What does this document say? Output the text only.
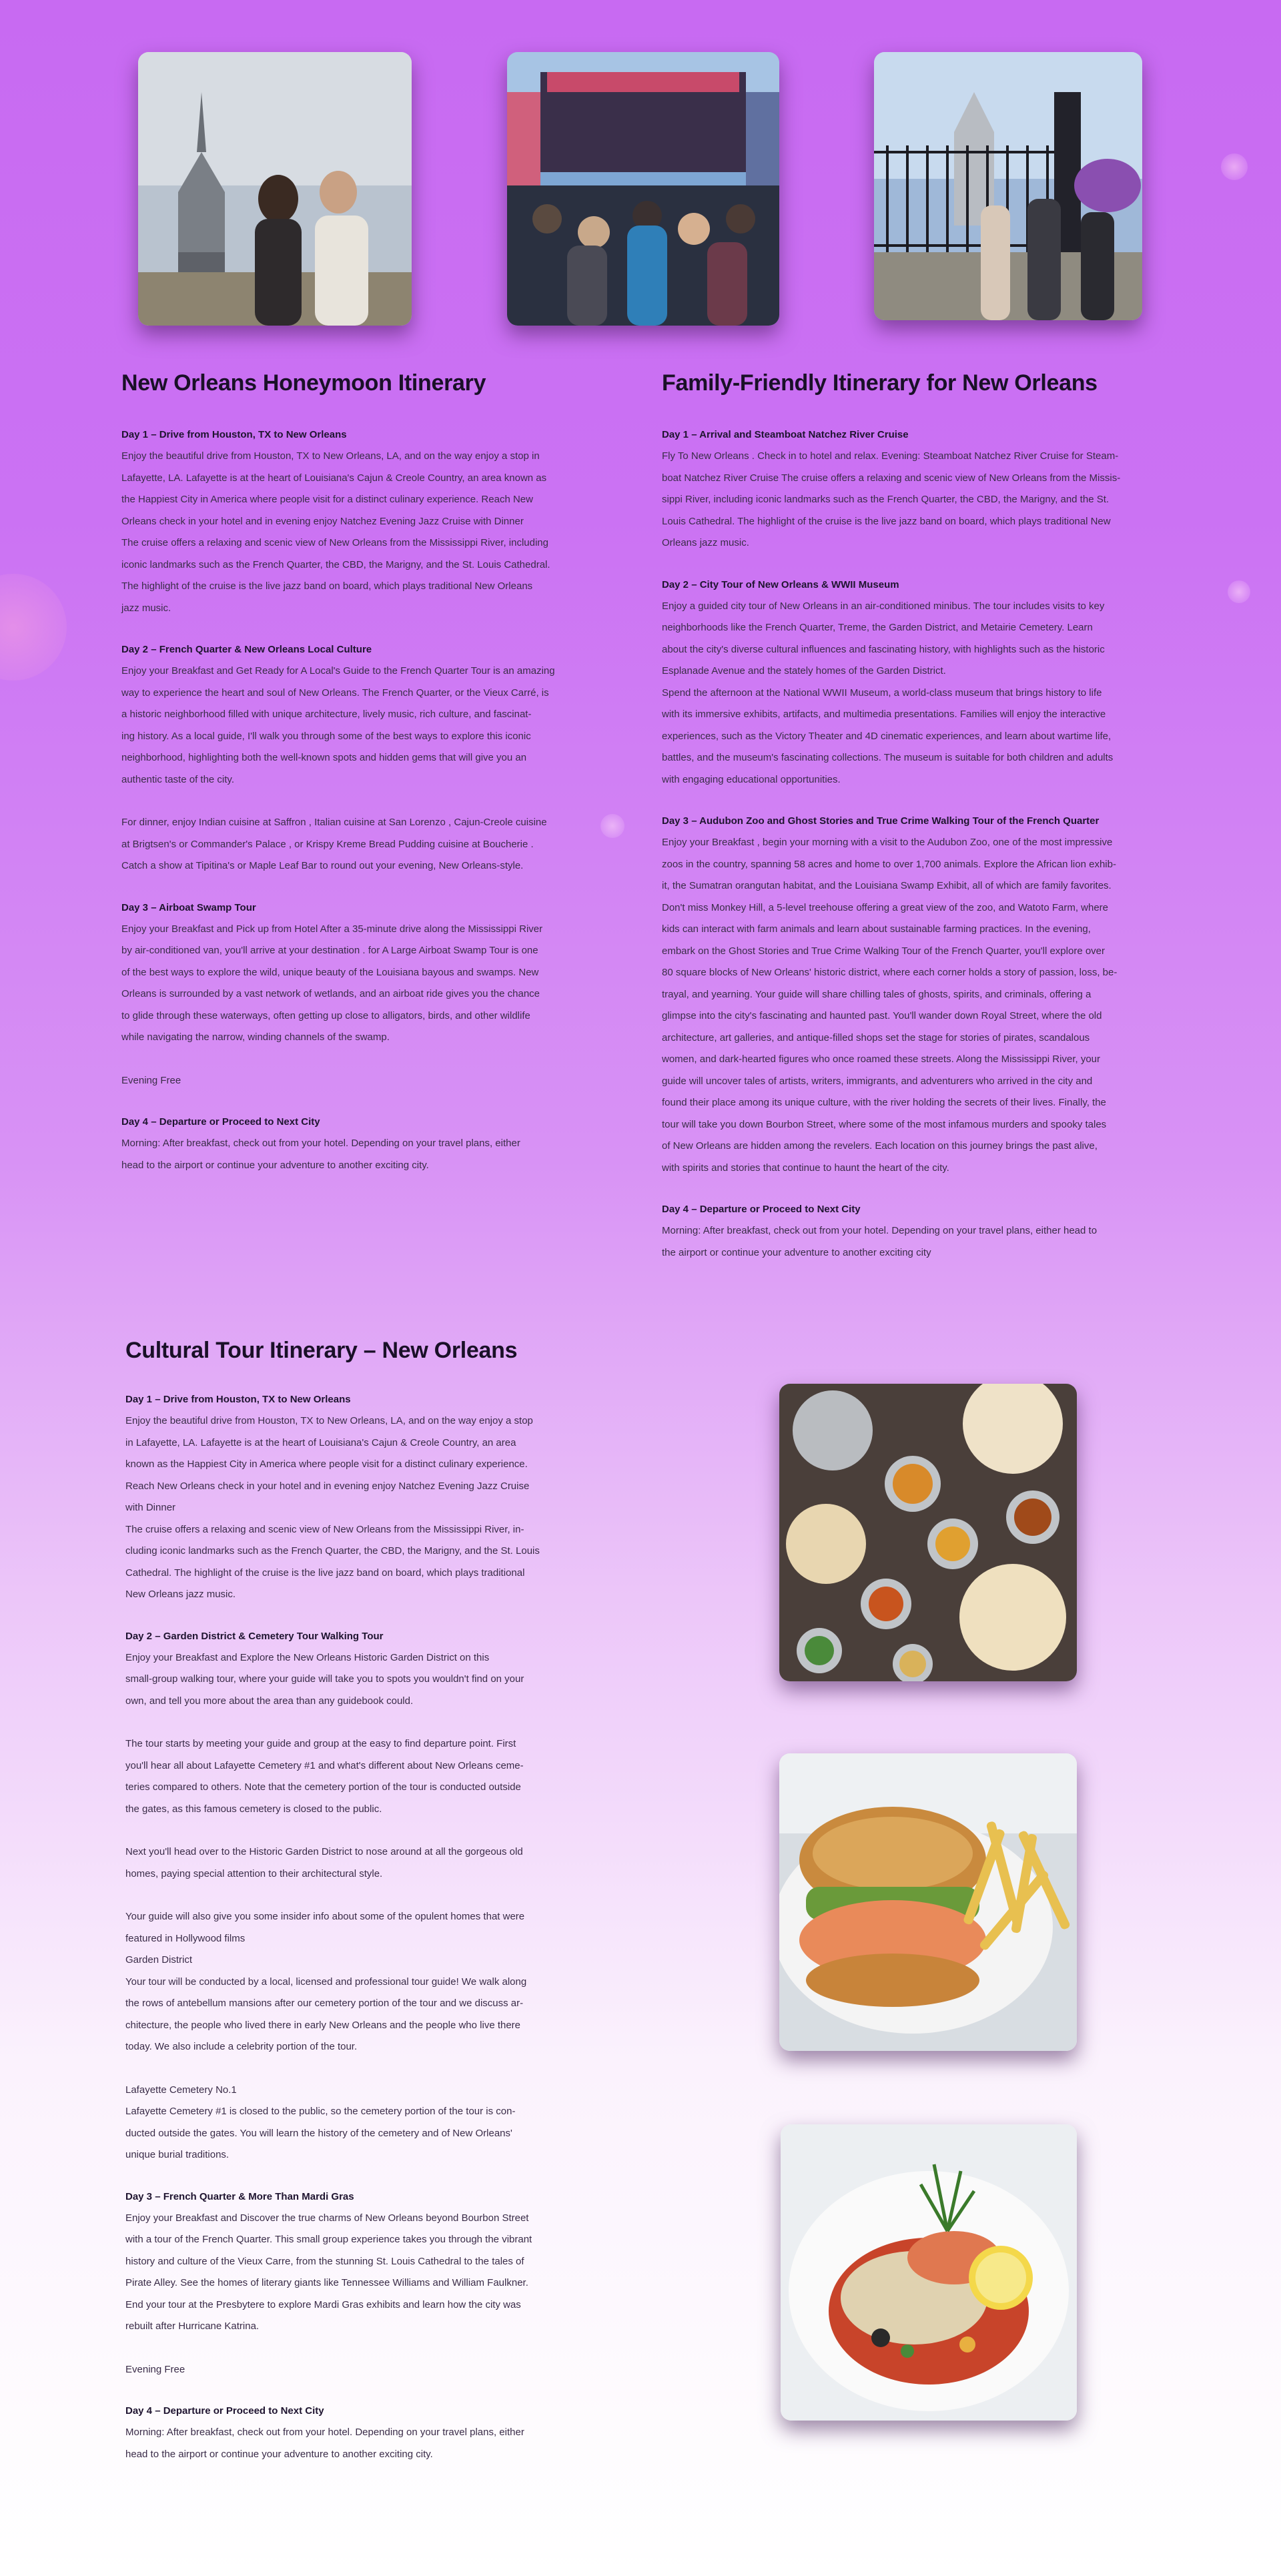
New Orleans Honeymoon Itinerary
Day 1 – Drive from Houston, TX to New Orleans
Enjoy the beautiful drive from Houston, TX to New Orleans, LA, and on the way enjoy a stop in
Lafayette, LA. Lafayette is at the heart of Louisiana's Cajun & Creole Country, an area known as
the Happiest City in America where people visit for a distinct culinary experience. Reach New
Orleans check in your hotel and in evening enjoy Natchez Evening Jazz Cruise with Dinner
The cruise offers a relaxing and scenic view of New Orleans from the Mississippi River, including
iconic landmarks such as the French Quarter, the CBD, the Marigny, and the St. Louis Cathedral.
The highlight of the cruise is the live jazz band on board, which plays traditional New Orleans
jazz music.
Day 2 – French Quarter & New Orleans Local Culture
Enjoy your Breakfast and Get Ready for A Local's Guide to the French Quarter Tour is an amazing
way to experience the heart and soul of New Orleans. The French Quarter, or the Vieux Carré, is
a historic neighborhood filled with unique architecture, lively music, rich culture, and fascinat-
ing history. As a local guide, I'll walk you through some of the best ways to explore this iconic
neighborhood, highlighting both the well-known spots and hidden gems that will give you an
authentic taste of the city.
For dinner, enjoy Indian cuisine at Saffron , Italian cuisine at San Lorenzo , Cajun-Creole cuisine
at Brigtsen's or Commander's Palace , or Krispy Kreme Bread Pudding cuisine at Boucherie .
Catch a show at Tipitina's or Maple Leaf Bar to round out your evening, New Orleans-style.
Day 3 – Airboat Swamp Tour
Enjoy your Breakfast and Pick up from Hotel After a 35-minute drive along the Mississippi River
by air-conditioned van, you'll arrive at your destination . for A Large Airboat Swamp Tour is one
of the best ways to explore the wild, unique beauty of the Louisiana bayous and swamps. New
Orleans is surrounded by a vast network of wetlands, and an airboat ride gives you the chance
to glide through these waterways, often getting up close to alligators, birds, and other wildlife
while navigating the narrow, winding channels of the swamp.
Evening Free
Day 4 – Departure or Proceed to Next City
Morning: After breakfast, check out from your hotel. Depending on your travel plans, either
head to the airport or continue your adventure to another exciting city.
Family-Friendly Itinerary for New Orleans
Day 1 – Arrival and Steamboat Natchez River Cruise
Fly To New Orleans . Check in to hotel and relax. Evening: Steamboat Natchez River Cruise for Steam-
boat Natchez River Cruise The cruise offers a relaxing and scenic view of New Orleans from the Missis-
sippi River, including iconic landmarks such as the French Quarter, the CBD, the Marigny, and the St.
Louis Cathedral. The highlight of the cruise is the live jazz band on board, which plays traditional New
Orleans jazz music.
Day 2 – City Tour of New Orleans & WWII Museum
Enjoy a guided city tour of New Orleans in an air-conditioned minibus. The tour includes visits to key
neighborhoods like the French Quarter, Treme, the Garden District, and Metairie Cemetery. Learn
about the city's diverse cultural influences and fascinating history, with highlights such as the historic
Esplanade Avenue and the stately homes of the Garden District.
Spend the afternoon at the National WWII Museum, a world-class museum that brings history to life
with its immersive exhibits, artifacts, and multimedia presentations. Families will enjoy the interactive
experiences, such as the Victory Theater and 4D cinematic experiences, and learn about wartime life,
battles, and the museum's fascinating collections. The museum is suitable for both children and adults
with engaging educational opportunities.
Day 3 – Audubon Zoo and Ghost Stories and True Crime Walking Tour of the French Quarter
Enjoy your Breakfast , begin your morning with a visit to the Audubon Zoo, one of the most impressive
zoos in the country, spanning 58 acres and home to over 1,700 animals. Explore the African lion exhib-
it, the Sumatran orangutan habitat, and the Louisiana Swamp Exhibit, all of which are family favorites.
Don't miss Monkey Hill, a 5-level treehouse offering a great view of the zoo, and Watoto Farm, where
kids can interact with farm animals and learn about sustainable farming practices. In the evening,
embark on the Ghost Stories and True Crime Walking Tour of the French Quarter, you'll explore over
80 square blocks of New Orleans' historic district, where each corner holds a story of passion, loss, be-
trayal, and yearning. Your guide will share chilling tales of ghosts, spirits, and criminals, offering a
glimpse into the city's fascinating and haunted past. You'll wander down Royal Street, where the old
architecture, art galleries, and antique-filled shops set the stage for stories of pirates, scandalous
women, and dark-hearted figures who once roamed these streets. Along the Mississippi River, your
guide will uncover tales of artists, writers, immigrants, and adventurers who arrived in the city and
found their place among its unique culture, with the river holding the secrets of their lives. Finally, the
tour will take you down Bourbon Street, where some of the most infamous murders and spooky tales
of New Orleans are hidden among the revelers. Each location on this journey brings the past alive,
with spirits and stories that continue to haunt the heart of the city.
Day 4 – Departure or Proceed to Next City
Morning: After breakfast, check out from your hotel. Depending on your travel plans, either head to
the airport or continue your adventure to another exciting city
Cultural Tour Itinerary – New Orleans
Day 1 – Drive from Houston, TX to New Orleans
Enjoy the beautiful drive from Houston, TX to New Orleans, LA, and on the way enjoy a stop
in Lafayette, LA. Lafayette is at the heart of Louisiana's Cajun & Creole Country, an area
known as the Happiest City in America where people visit for a distinct culinary experience.
Reach New Orleans check in your hotel and in evening enjoy Natchez Evening Jazz Cruise
with Dinner
The cruise offers a relaxing and scenic view of New Orleans from the Mississippi River, in-
cluding iconic landmarks such as the French Quarter, the CBD, the Marigny, and the St. Louis
Cathedral. The highlight of the cruise is the live jazz band on board, which plays traditional
New Orleans jazz music.
Day 2 – Garden District & Cemetery Tour Walking Tour
Enjoy your Breakfast and Explore the New Orleans Historic Garden District on this
small-group walking tour, where your guide will take you to spots you wouldn't find on your
own, and tell you more about the area than any guidebook could.
The tour starts by meeting your guide and group at the easy to find departure point. First
you'll hear all about Lafayette Cemetery #1 and what's different about New Orleans ceme-
teries compared to others. Note that the cemetery portion of the tour is conducted outside
the gates, as this famous cemetery is closed to the public.
Next you'll head over to the Historic Garden District to nose around at all the gorgeous old
homes, paying special attention to their architectural style.
Your guide will also give you some insider info about some of the opulent homes that were
featured in Hollywood films
Garden District
Your tour will be conducted by a local, licensed and professional tour guide! We walk along
the rows of antebellum mansions after our cemetery portion of the tour and we discuss ar-
chitecture, the people who lived there in early New Orleans and the people who live there
today. We also include a celebrity portion of the tour.
Lafayette Cemetery No.1
Lafayette Cemetery #1 is closed to the public, so the cemetery portion of the tour is con-
ducted outside the gates. You will learn the history of the cemetery and of New Orleans'
unique burial traditions.
Day 3 – French Quarter & More Than Mardi Gras
Enjoy your Breakfast and Discover the true charms of New Orleans beyond Bourbon Street
with a tour of the French Quarter. This small group experience takes you through the vibrant
history and culture of the Vieux Carre, from the stunning St. Louis Cathedral to the tales of
Pirate Alley. See the homes of literary giants like Tennessee Williams and William Faulkner.
End your tour at the Presbytere to explore Mardi Gras exhibits and learn how the city was
rebuilt after Hurricane Katrina.
Evening Free
Day 4 – Departure or Proceed to Next City
Morning: After breakfast, check out from your hotel. Depending on your travel plans, either
head to the airport or continue your adventure to another exciting city.
